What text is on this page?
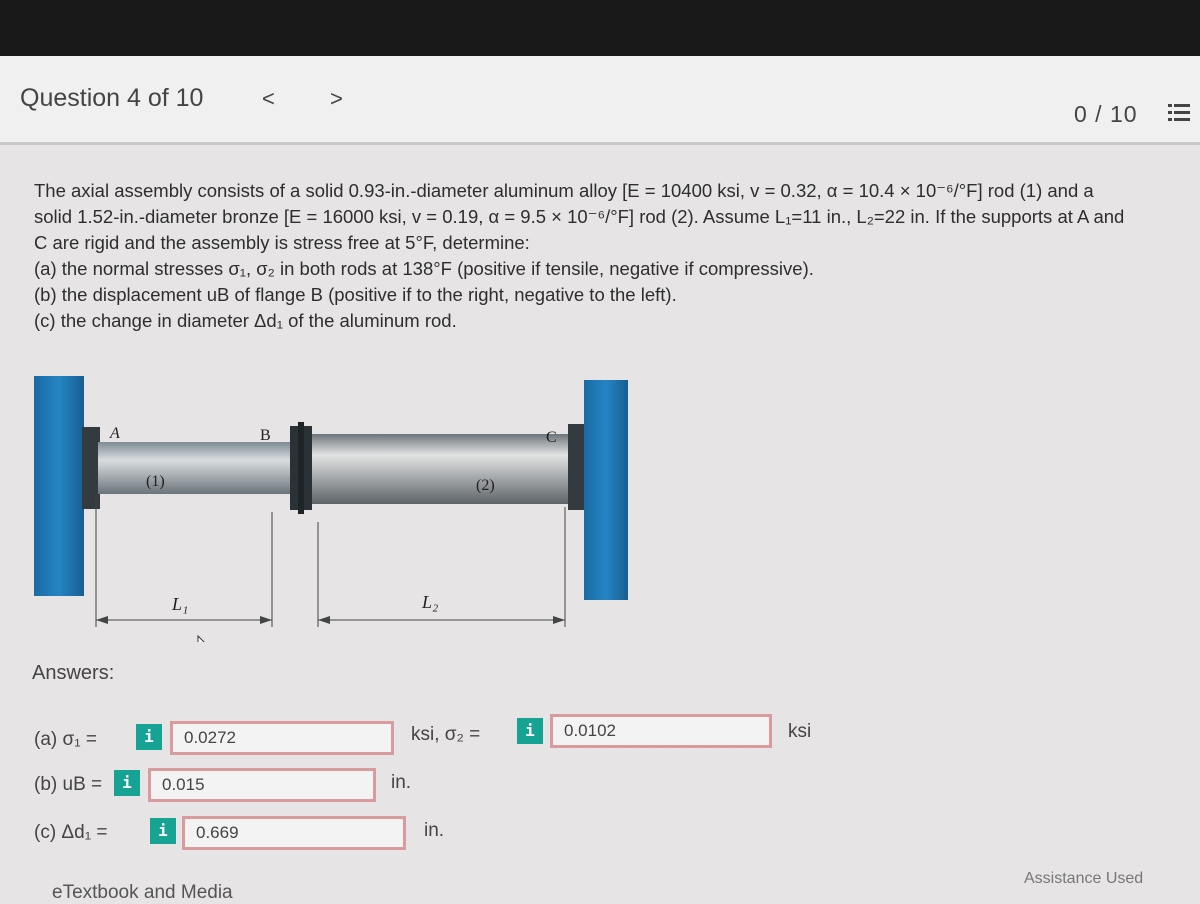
Question 4 of 10	<	>
0 / 10
The axial assembly consists of a solid 0.93-in.-diameter aluminum alloy [E = 10400 ksi, v = 0.32, α = 10.4 × 10⁻⁶/°F] rod (1) and a
solid 1.52-in.-diameter bronze [E = 16000 ksi, v = 0.19, α = 9.5 × 10⁻⁶/°F] rod (2). Assume L₁=11 in., L₂=22 in. If the supports at A and
C are rigid and the assembly is stress free at 5°F, determine:
(a) the normal stresses σ₁, σ₂ in both rods at 138°F (positive if tensile, negative if compressive).
(b) the displacement uB of flange B (positive if to the right, negative to the left).
(c) the change in diameter Δd₁ of the aluminum rod.
A	B	C
(1)	(2)
L₁	L₂
Answers:
(a) σ₁ =	i	0.0272	ksi, σ₂ =	i	0.0102	ksi
(b) uB =	i	0.015	in.
(c) Δd₁ =	i	0.669	in.
eTextbook and Media
Assistance Used
